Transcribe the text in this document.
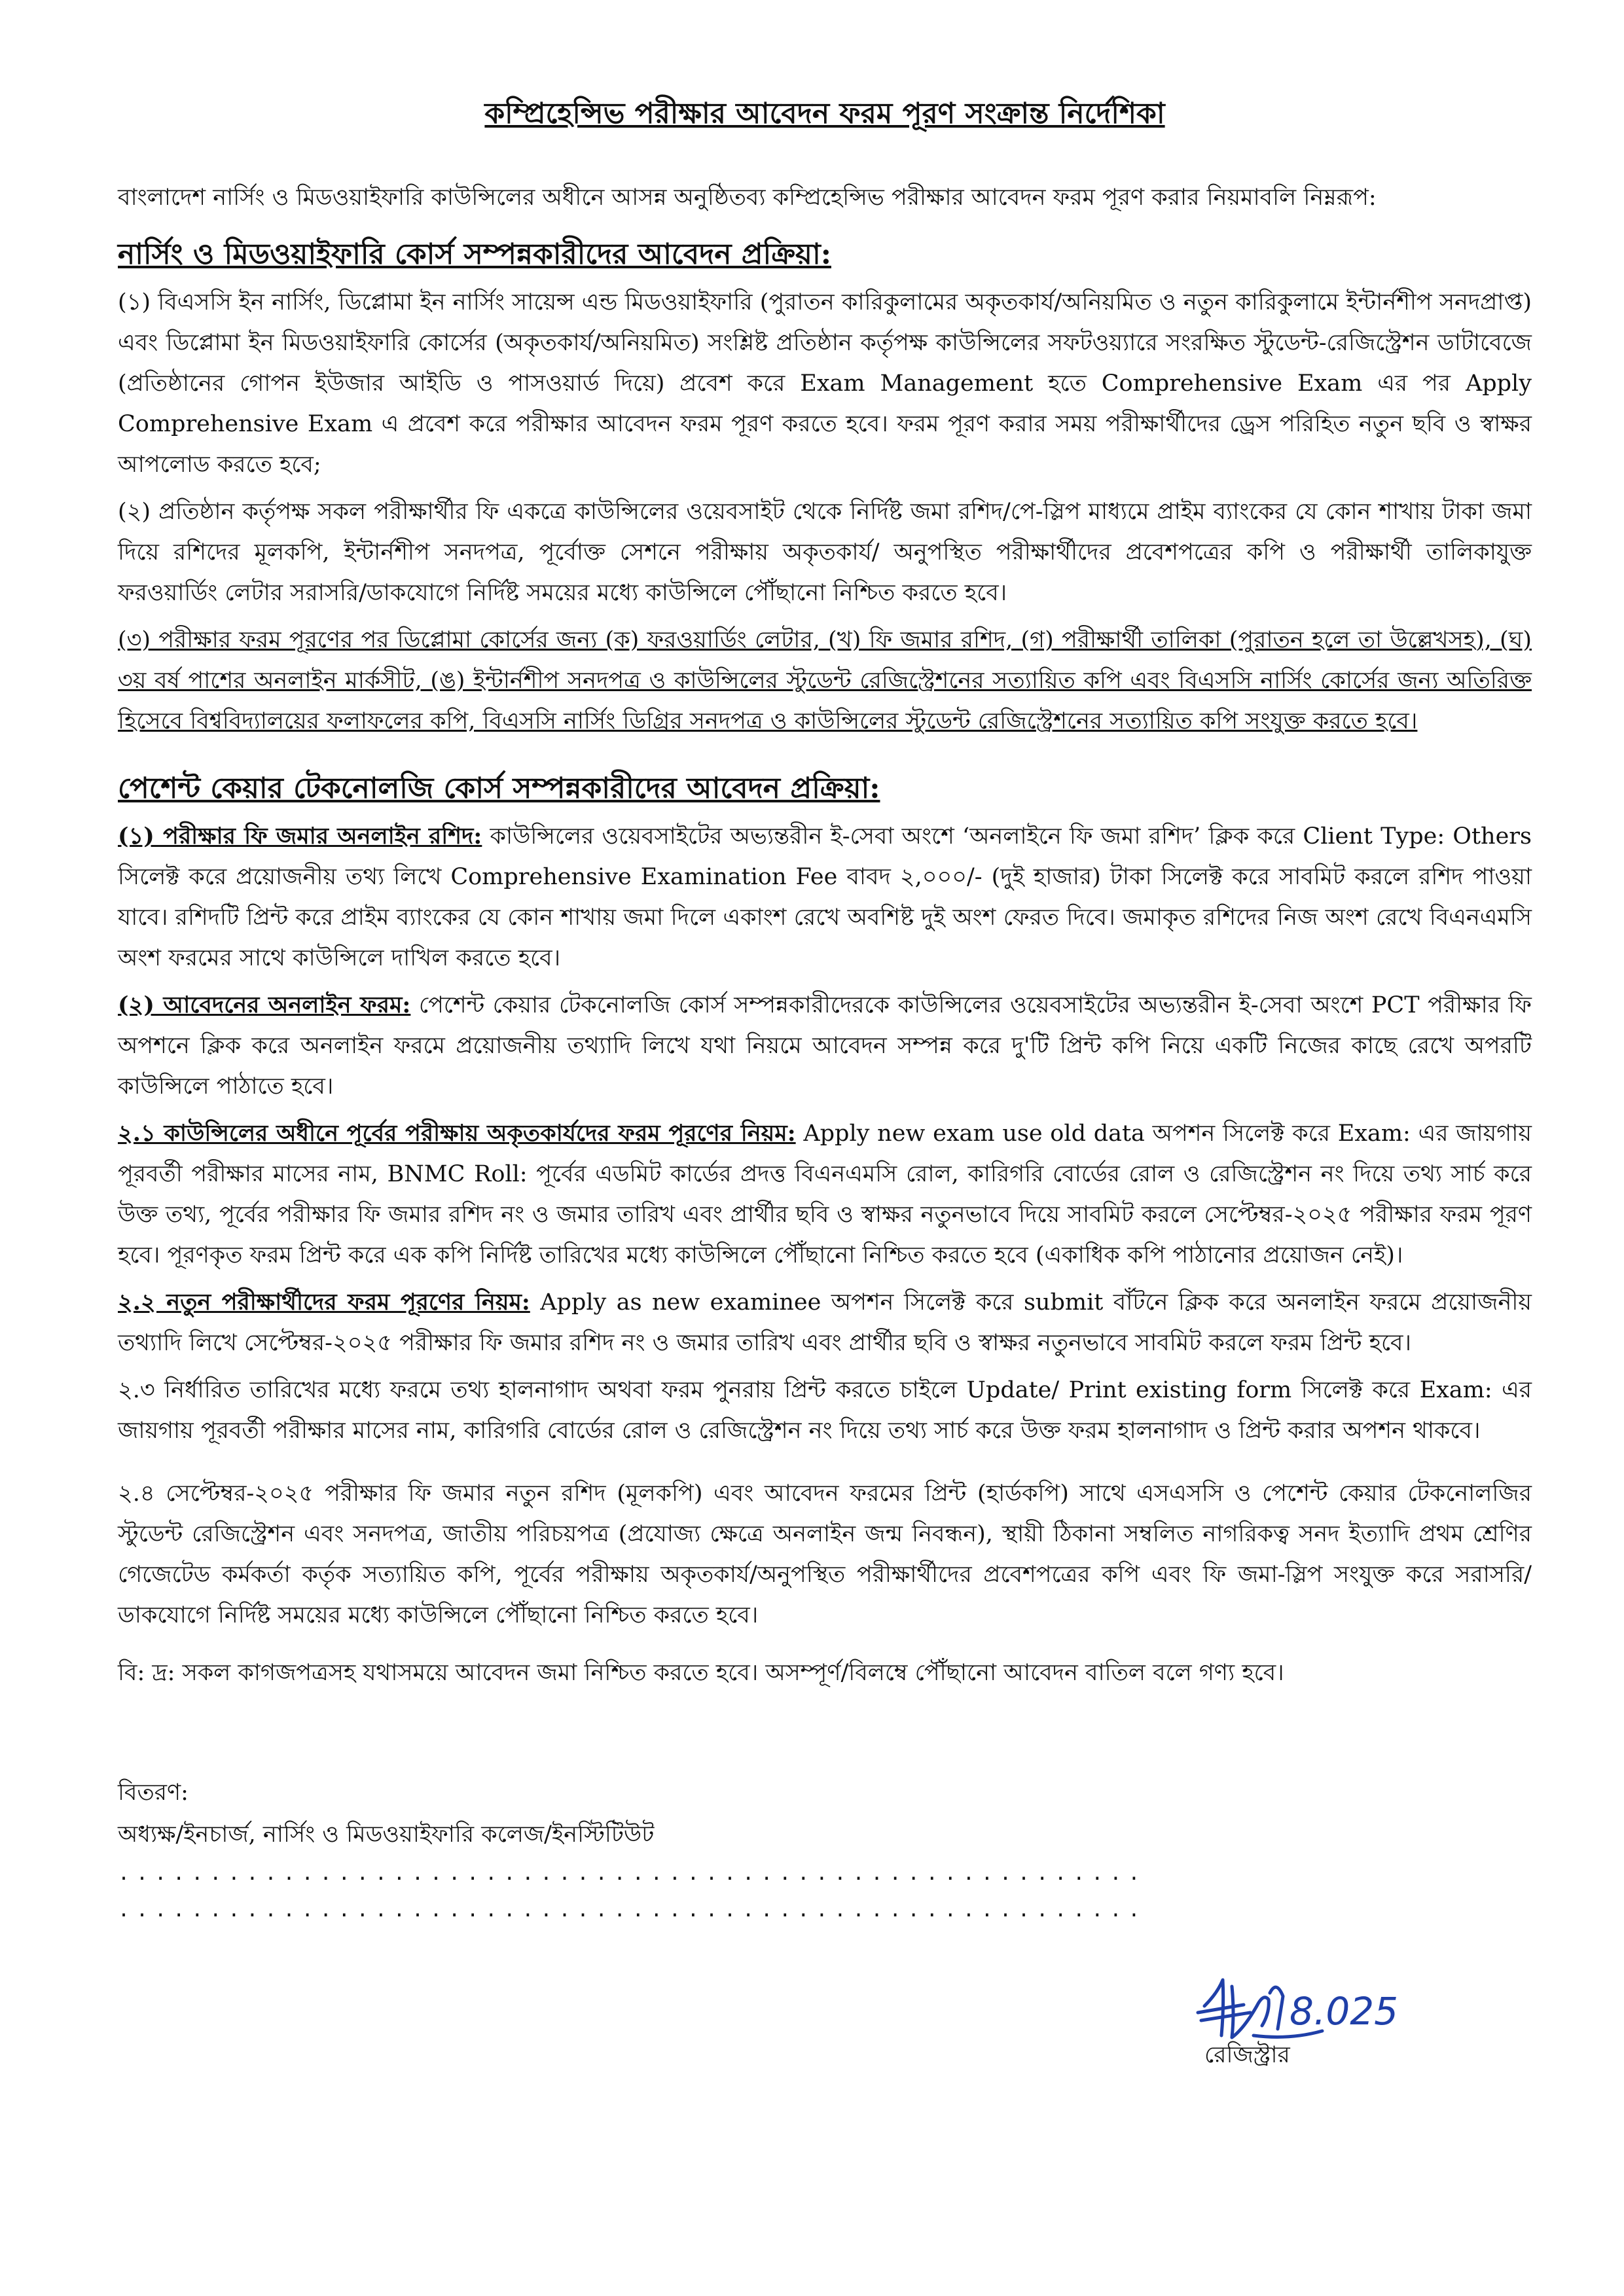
কম্প্রিহেন্সিভ পরীক্ষার আবেদন ফরম পূরণ সংক্রান্ত নির্দেশিকা

বাংলাদেশ নার্সিং ও মিডওয়াইফারি কাউন্সিলের অধীনে আসন্ন অনুষ্ঠিতব্য কম্প্রিহেন্সিভ পরীক্ষার আবেদন ফরম পূরণ করার নিয়মাবলি নিম্নরূপ:

নার্সিং ও মিডওয়াইফারি কোর্স সম্পন্নকারীদের আবেদন প্রক্রিয়া:

(১) বিএসসি ইন নার্সিং, ডিপ্লোমা ইন নার্সিং সায়েন্স এন্ড মিডওয়াইফারি (পুরাতন কারিকুলামের অকৃতকার্য/অনিয়মিত ও নতুন কারিকুলামে ইন্টার্নশীপ সনদপ্রাপ্ত) এবং ডিপ্লোমা ইন মিডওয়াইফারি কোর্সের (অকৃতকার্য/অনিয়মিত) সংশ্লিষ্ট প্রতিষ্ঠান কর্তৃপক্ষ কাউন্সিলের সফটওয়্যারে সংরক্ষিত স্টুডেন্ট-রেজিস্ট্রেশন ডাটাবেজে (প্রতিষ্ঠানের গোপন ইউজার আইডি ও পাসওয়ার্ড দিয়ে) প্রবেশ করে Exam Management হতে Comprehensive Exam এর পর Apply Comprehensive Exam এ প্রবেশ করে পরীক্ষার আবেদন ফরম পূরণ করতে হবে। ফরম পূরণ করার সময় পরীক্ষার্থীদের ড্রেস পরিহিত নতুন ছবি ও স্বাক্ষর আপলোড করতে হবে;

(২) প্রতিষ্ঠান কর্তৃপক্ষ সকল পরীক্ষার্থীর ফি একত্রে কাউন্সিলের ওয়েবসাইট থেকে নির্দিষ্ট জমা রশিদ/পে-স্লিপ মাধ্যমে প্রাইম ব্যাংকের যে কোন শাখায় টাকা জমা দিয়ে রশিদের মূলকপি, ইন্টার্নশীপ সনদপত্র, পূর্বোক্ত সেশনে পরীক্ষায় অকৃতকার্য/ অনুপস্থিত পরীক্ষার্থীদের প্রবেশপত্রের কপি ও পরীক্ষার্থী তালিকাযুক্ত ফরওয়ার্ডিং লেটার সরাসরি/ডাকযোগে নির্দিষ্ট সময়ের মধ্যে কাউন্সিলে পৌঁছানো নিশ্চিত করতে হবে।

(৩) পরীক্ষার ফরম পূরণের পর ডিপ্লোমা কোর্সের জন্য (ক) ফরওয়ার্ডিং লেটার, (খ) ফি জমার রশিদ, (গ) পরীক্ষার্থী তালিকা (পুরাতন হলে তা উল্লেখসহ), (ঘ) ৩য় বর্ষ পাশের অনলাইন মার্কসীট, (ঙ) ইন্টার্নশীপ সনদপত্র ও কাউন্সিলের স্টুডেন্ট রেজিস্ট্রেশনের সত্যায়িত কপি এবং বিএসসি নার্সিং কোর্সের জন্য অতিরিক্ত হিসেবে বিশ্ববিদ্যালয়ের ফলাফলের কপি, বিএসসি নার্সিং ডিগ্রির সনদপত্র ও কাউন্সিলের স্টুডেন্ট রেজিস্ট্রেশনের সত্যায়িত কপি সংযুক্ত করতে হবে।

পেশেন্ট কেয়ার টেকনোলজি কোর্স সম্পন্নকারীদের আবেদন প্রক্রিয়া:

(১) পরীক্ষার ফি জমার অনলাইন রশিদ: কাউন্সিলের ওয়েবসাইটের অভ্যন্তরীন ই-সেবা অংশে ‘অনলাইনে ফি জমা রশিদ’ ক্লিক করে Client Type: Others সিলেক্ট করে প্রয়োজনীয় তথ্য লিখে Comprehensive Examination Fee বাবদ ২,০০০/- (দুই হাজার) টাকা সিলেক্ট করে সাবমিট করলে রশিদ পাওয়া যাবে। রশিদটি প্রিন্ট করে প্রাইম ব্যাংকের যে কোন শাখায় জমা দিলে একাংশ রেখে অবশিষ্ট দুই অংশ ফেরত দিবে। জমাকৃত রশিদের নিজ অংশ রেখে বিএনএমসি অংশ ফরমের সাথে কাউন্সিলে দাখিল করতে হবে।

(২) আবেদনের অনলাইন ফরম: পেশেন্ট কেয়ার টেকনোলজি কোর্স সম্পন্নকারীদেরকে কাউন্সিলের ওয়েবসাইটের অভ্যন্তরীন ই-সেবা অংশে PCT পরীক্ষার ফি অপশনে ক্লিক করে অনলাইন ফরমে প্রয়োজনীয় তথ্যাদি লিখে যথা নিয়মে আবেদন সম্পন্ন করে দু'টি প্রিন্ট কপি নিয়ে একটি নিজের কাছে রেখে অপরটি কাউন্সিলে পাঠাতে হবে।

২.১ কাউন্সিলের অধীনে পূর্বের পরীক্ষায় অকৃতকার্যদের ফরম পূরণের নিয়ম: Apply new exam use old data অপশন সিলেক্ট করে Exam: এর জায়গায় পূরবর্তী পরীক্ষার মাসের নাম, BNMC Roll: পূর্বের এডমিট কার্ডের প্রদত্ত বিএনএমসি রোল, কারিগরি বোর্ডের রোল ও রেজিস্ট্রেশন নং দিয়ে তথ্য সার্চ করে উক্ত তথ্য, পূর্বের পরীক্ষার ফি জমার রশিদ নং ও জমার তারিখ এবং প্রার্থীর ছবি ও স্বাক্ষর নতুনভাবে দিয়ে সাবমিট করলে সেপ্টেম্বর-২০২৫ পরীক্ষার ফরম পূরণ হবে। পূরণকৃত ফরম প্রিন্ট করে এক কপি নির্দিষ্ট তারিখের মধ্যে কাউন্সিলে পৌঁছানো নিশ্চিত করতে হবে (একাধিক কপি পাঠানোর প্রয়োজন নেই)।

২.২ নতুন পরীক্ষার্থীদের ফরম পূরণের নিয়ম: Apply as new examinee অপশন সিলেক্ট করে submit বাঁটনে ক্লিক করে অনলাইন ফরমে প্রয়োজনীয় তথ্যাদি লিখে সেপ্টেম্বর-২০২৫ পরীক্ষার ফি জমার রশিদ নং ও জমার তারিখ এবং প্রার্থীর ছবি ও স্বাক্ষর নতুনভাবে সাবমিট করলে ফরম প্রিন্ট হবে।

২.৩ নির্ধারিত তারিখের মধ্যে ফরমে তথ্য হালনাগাদ অথবা ফরম পুনরায় প্রিন্ট করতে চাইলে Update/ Print existing form সিলেক্ট করে Exam: এর জায়গায় পূরবর্তী পরীক্ষার মাসের নাম, কারিগরি বোর্ডের রোল ও রেজিস্ট্রেশন নং দিয়ে তথ্য সার্চ করে উক্ত ফরম হালনাগাদ ও প্রিন্ট করার অপশন থাকবে।

২.৪ সেপ্টেম্বর-২০২৫ পরীক্ষার ফি জমার নতুন রশিদ (মূলকপি) এবং আবেদন ফরমের প্রিন্ট (হার্ডকপি) সাথে এসএসসি ও পেশেন্ট কেয়ার টেকনোলজির স্টুডেন্ট রেজিস্ট্রেশন এবং সনদপত্র, জাতীয় পরিচয়পত্র (প্রযোজ্য ক্ষেত্রে অনলাইন জন্ম নিবন্ধন), স্থায়ী ঠিকানা সম্বলিত নাগরিকত্ব সনদ ইত্যাদি প্রথম শ্রেণির গেজেটেড কর্মকর্তা কর্তৃক সত্যায়িত কপি, পূর্বের পরীক্ষায় অকৃতকার্য/অনুপস্থিত পরীক্ষার্থীদের প্রবেশপত্রের কপি এবং ফি জমা-স্লিপ সংযুক্ত করে সরাসরি/ডাকযোগে নির্দিষ্ট সময়ের মধ্যে কাউন্সিলে পৌঁছানো নিশ্চিত করতে হবে।

বি: দ্র: সকল কাগজপত্রসহ যথাসময়ে আবেদন জমা নিশ্চিত করতে হবে। অসম্পূর্ণ/বিলম্বে পৌঁছানো আবেদন বাতিল বলে গণ্য হবে।

বিতরণ:
অধ্যক্ষ/ইনচার্জ, নার্সিং ও মিডওয়াইফারি কলেজ/ইনস্টিটিউট
........................................................
........................................................
8.025
রেজিস্ট্রার
